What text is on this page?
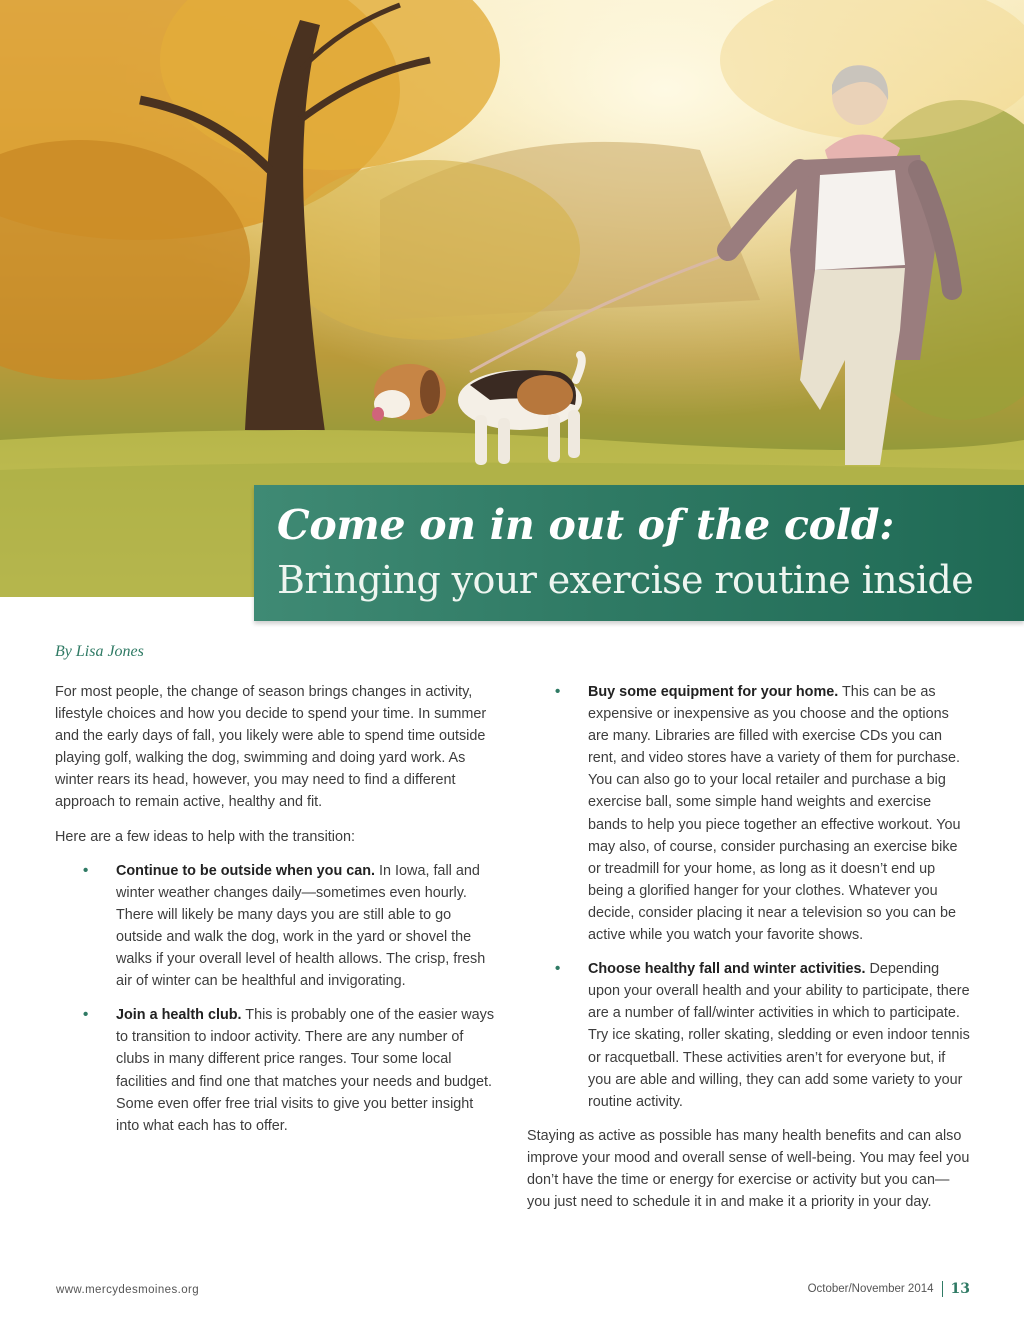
Come on in out of the cold:
Bringing your exercise routine inside
By Lisa Jones

For most people, the change of season brings changes in activity, lifestyle choices and how you decide to spend your time. In summer and the early days of fall, you likely were able to spend time outside playing golf, walking the dog, swimming and doing yard work. As winter rears its head, however, you may need to find a different approach to remain active, healthy and fit.

Here are a few ideas to help with the transition:

• Continue to be outside when you can. In Iowa, fall and winter weather changes daily—sometimes even hourly. There will likely be many days you are still able to go outside and walk the dog, work in the yard or shovel the walks if your overall level of health allows. The crisp, fresh air of winter can be healthful and invigorating.
• Join a health club. This is probably one of the easier ways to transition to indoor activity. There are any number of clubs in many different price ranges. Tour some local facilities and find one that matches your needs and budget. Some even offer free trial visits to give you better insight into what each has to offer.
• Buy some equipment for your home. This can be as expensive or inexpensive as you choose and the options are many. Libraries are filled with exercise CDs you can rent, and video stores have a variety of them for purchase. You can also go to your local retailer and purchase a big exercise ball, some simple hand weights and exercise bands to help you piece together an effective workout. You may also, of course, consider purchasing an exercise bike or treadmill for your home, as long as it doesn’t end up being a glorified hanger for your clothes. Whatever you decide, consider placing it near a television so you can be active while you watch your favorite shows.
• Choose healthy fall and winter activities. Depending upon your overall health and your ability to participate, there are a number of fall/winter activities in which to participate. Try ice skating, roller skating, sledding or even indoor tennis or racquetball. These activities aren’t for everyone but, if you are able and willing, they can add some variety to your routine activity.

Staying as active as possible has many health benefits and can also improve your mood and overall sense of well-being. You may feel you don’t have the time or energy for exercise or activity but you can—you just need to schedule it in and make it a priority in your day.

www.mercydesmoines.org	October/November 2014 13
